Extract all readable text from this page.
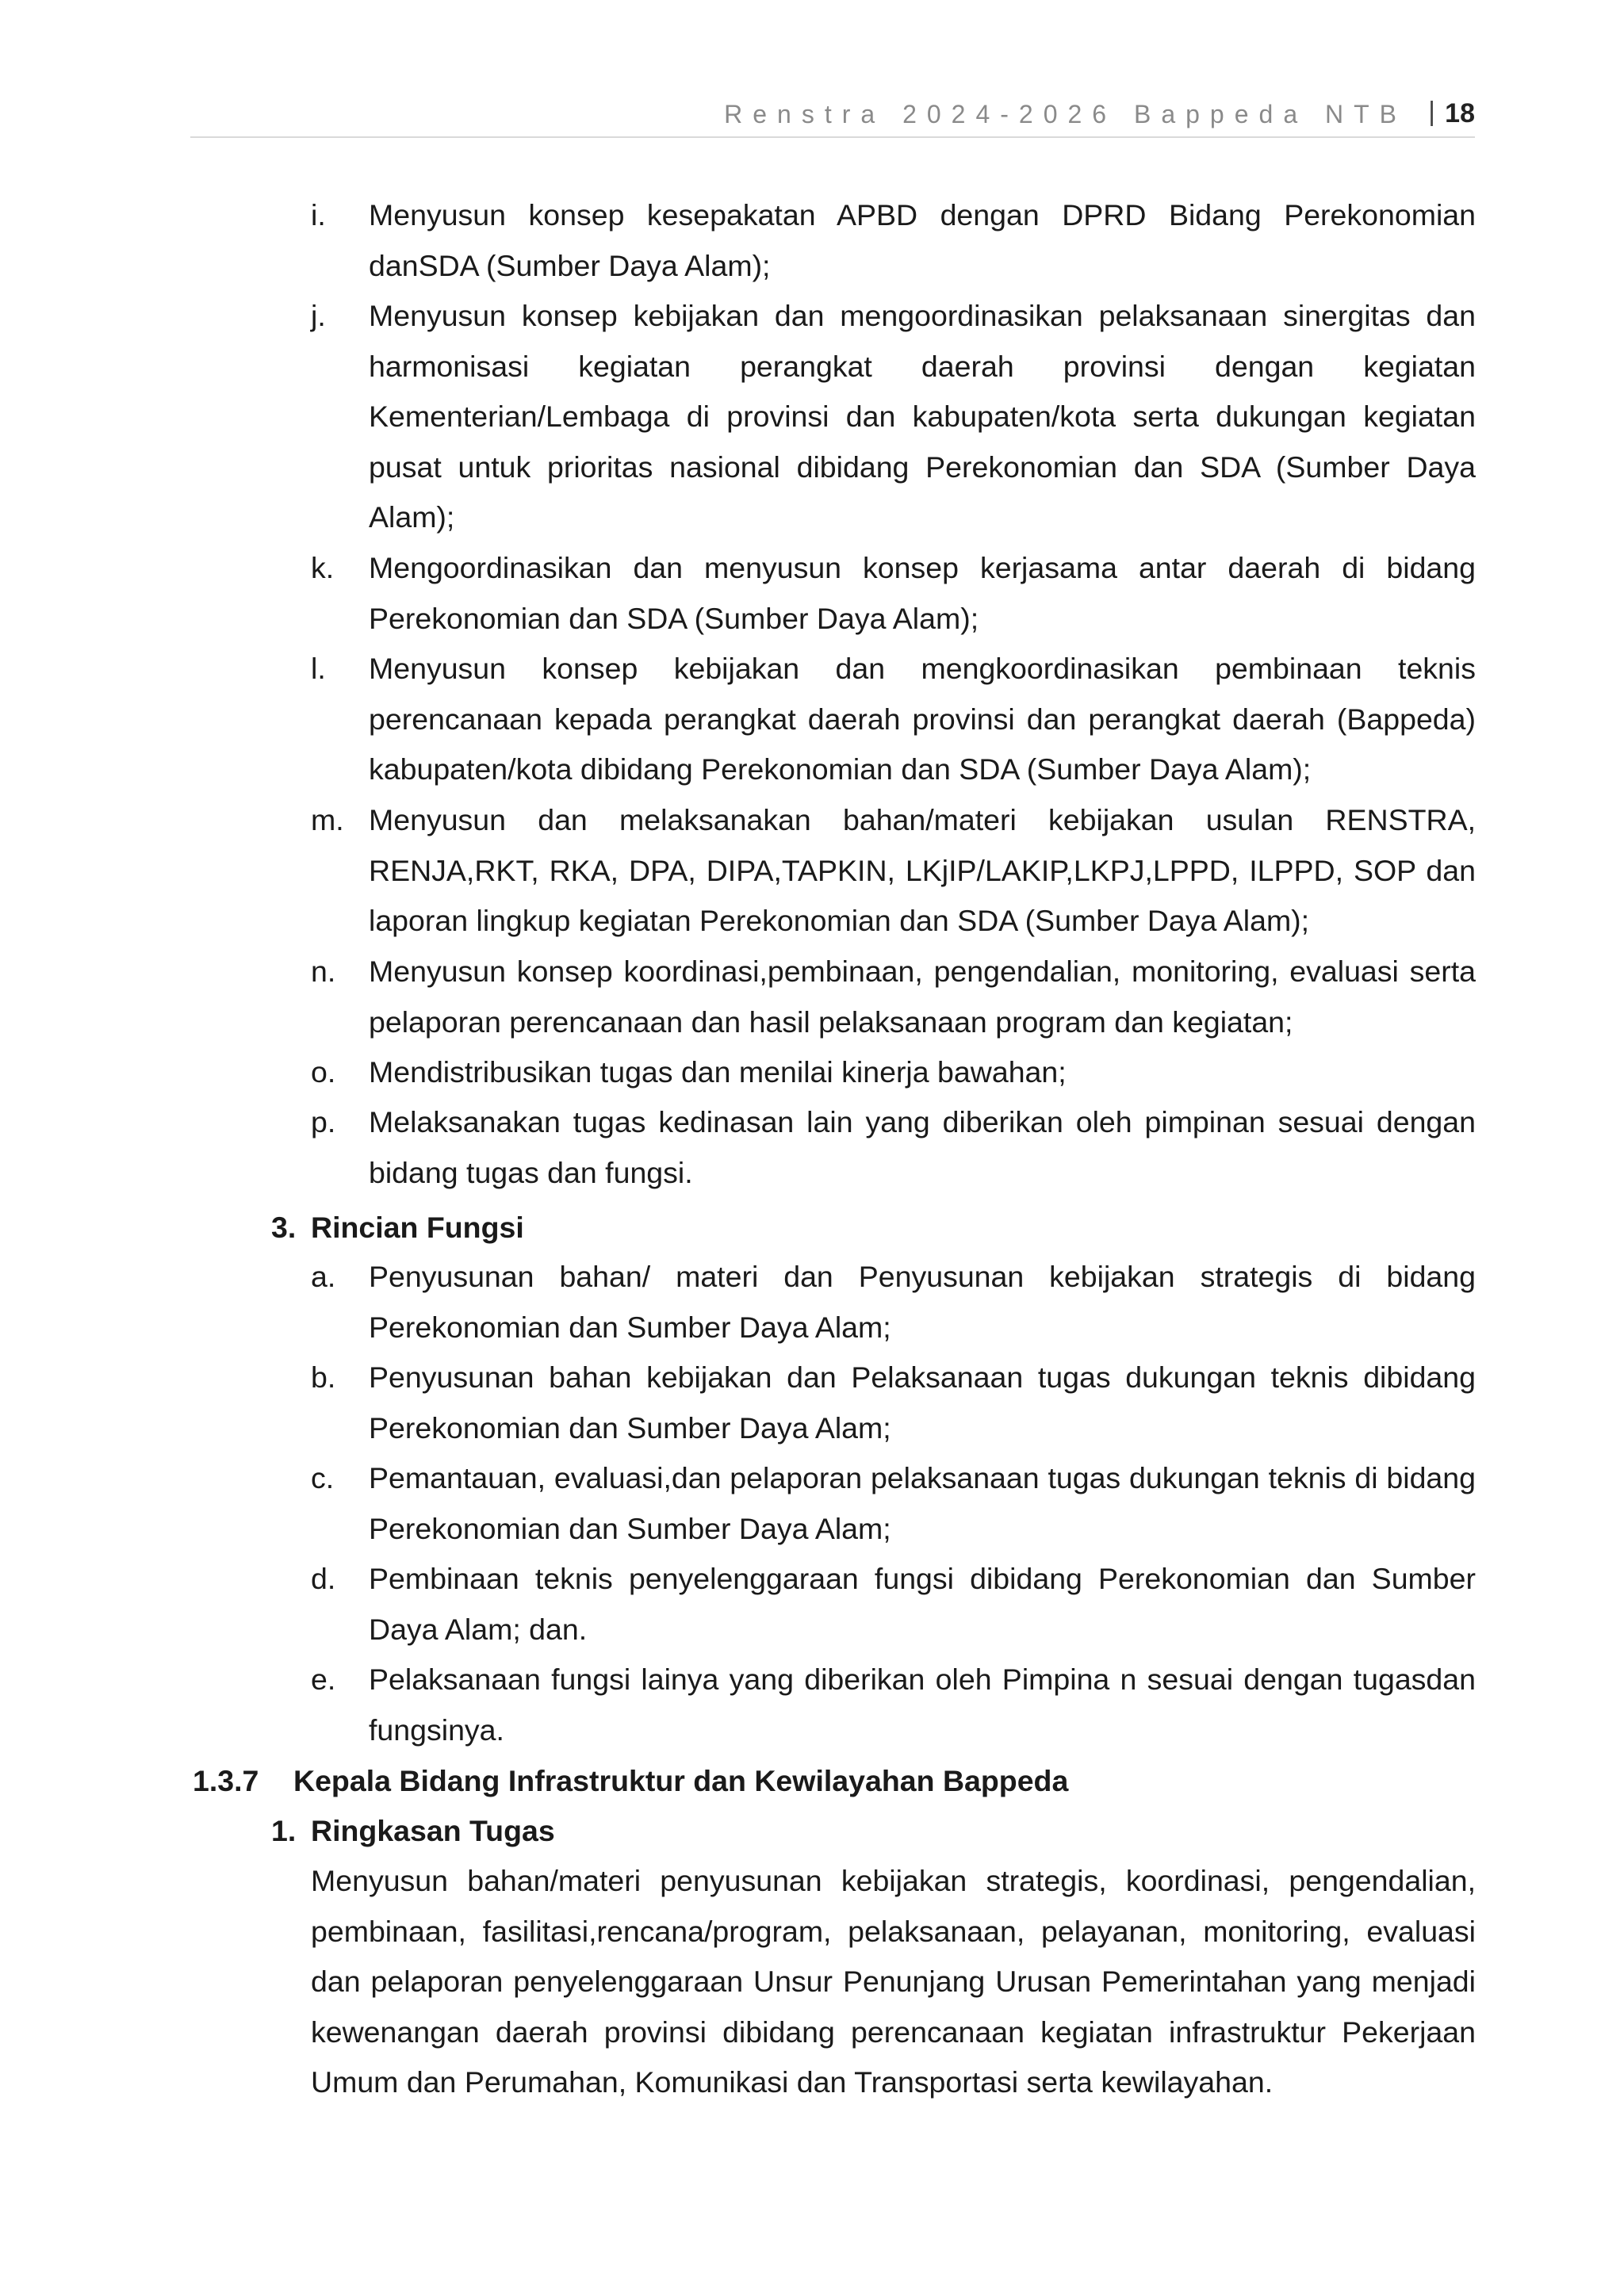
Renstra 2024-2026 Bappeda NTB | 18
i. Menyusun konsep kesepakatan APBD dengan DPRD Bidang Perekonomian danSDA (Sumber Daya Alam);
j. Menyusun konsep kebijakan dan mengoordinasikan pelaksanaan sinergitas dan harmonisasi kegiatan perangkat daerah provinsi dengan kegiatan Kementerian/Lembaga di provinsi dan kabupaten/kota serta dukungan kegiatan pusat untuk prioritas nasional dibidang Perekonomian dan SDA (Sumber Daya Alam);
k. Mengoordinasikan dan menyusun konsep kerjasama antar daerah di bidang Perekonomian dan SDA (Sumber Daya Alam);
l. Menyusun konsep kebijakan dan mengkoordinasikan pembinaan teknis perencanaan kepada perangkat daerah provinsi dan perangkat daerah (Bappeda) kabupaten/kota dibidang Perekonomian dan SDA (Sumber Daya Alam);
m. Menyusun dan melaksanakan bahan/materi kebijakan usulan RENSTRA, RENJA,RKT, RKA, DPA, DIPA,TAPKIN, LKjIP/LAKIP,LKPJ,LPPD, ILPPD, SOP dan laporan lingkup kegiatan Perekonomian dan SDA (Sumber Daya Alam);
n. Menyusun konsep koordinasi,pembinaan, pengendalian, monitoring, evaluasi serta pelaporan perencanaan dan hasil pelaksanaan program dan kegiatan;
o. Mendistribusikan tugas dan menilai kinerja bawahan;
p. Melaksanakan tugas kedinasan lain yang diberikan oleh pimpinan sesuai dengan bidang tugas dan fungsi.
3. Rincian Fungsi
a. Penyusunan bahan/ materi dan Penyusunan kebijakan strategis di bidang Perekonomian dan Sumber Daya Alam;
b. Penyusunan bahan kebijakan dan Pelaksanaan tugas dukungan teknis dibidang Perekonomian dan Sumber Daya Alam;
c. Pemantauan, evaluasi,dan pelaporan pelaksanaan tugas dukungan teknis di bidang Perekonomian dan Sumber Daya Alam;
d. Pembinaan teknis penyelenggaraan fungsi dibidang Perekonomian dan Sumber Daya Alam; dan.
e. Pelaksanaan fungsi lainya yang diberikan oleh Pimpina n sesuai dengan tugasdan fungsinya.
1.3.7 Kepala Bidang Infrastruktur dan Kewilayahan Bappeda
1. Ringkasan Tugas
Menyusun bahan/materi penyusunan kebijakan strategis, koordinasi, pengendalian, pembinaan, fasilitasi,rencana/program, pelaksanaan, pelayanan, monitoring, evaluasi dan pelaporan penyelenggaraan Unsur Penunjang Urusan Pemerintahan yang menjadi kewenangan daerah provinsi dibidang perencanaan kegiatan infrastruktur Pekerjaan Umum dan Perumahan, Komunikasi dan Transportasi serta kewilayahan.
